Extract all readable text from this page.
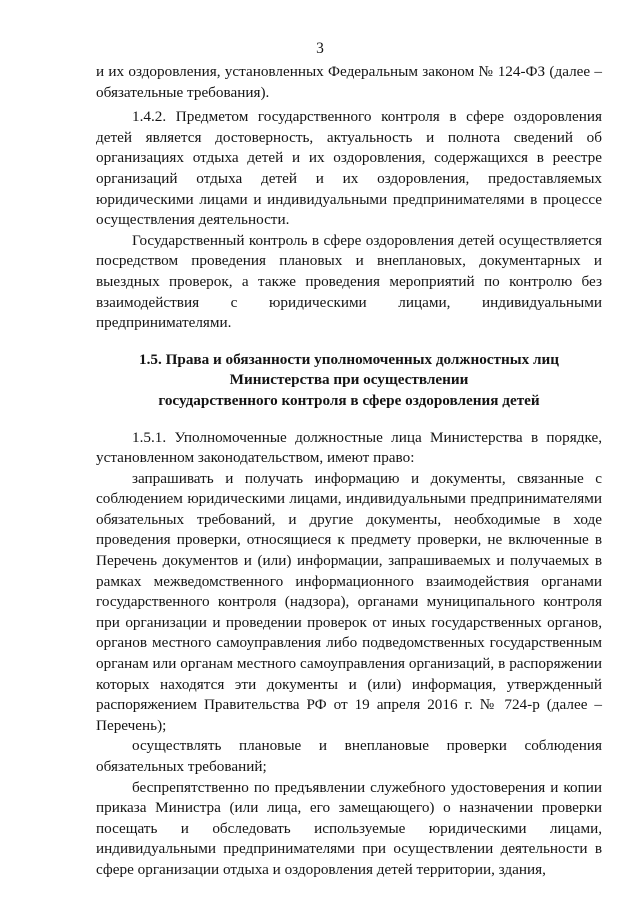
3

и их оздоровления, установленных Федеральным законом № 124-ФЗ (далее – обязательные требования).

1.4.2. Предметом государственного контроля в сфере оздоровления детей является достоверность, актуальность и полнота сведений об организациях отдыха детей и их оздоровления, содержащихся в реестре организаций отдыха детей и их оздоровления, предоставляемых юридическими лицами и индивидуальными предпринимателями в процессе осуществления деятельности.

Государственный контроль в сфере оздоровления детей осуществляется посредством проведения плановых и внеплановых, документарных и выездных проверок, а также проведения мероприятий по контролю без взаимодействия с юридическими лицами, индивидуальными предпринимателями.

1.5. Права и обязанности уполномоченных должностных лиц
Министерства при осуществлении
государственного контроля в сфере оздоровления детей

1.5.1. Уполномоченные должностные лица Министерства в порядке, установленном законодательством, имеют право:

запрашивать и получать информацию и документы, связанные с соблюдением юридическими лицами, индивидуальными предпринимателями обязательных требований, и другие документы, необходимые в ходе проведения проверки, относящиеся к предмету проверки, не включенные в Перечень документов и (или) информации, запрашиваемых и получаемых в рамках межведомственного информационного взаимодействия органами государственного контроля (надзора), органами муниципального контроля при организации и проведении проверок от иных государственных органов, органов местного самоуправления либо подведомственных государственным органам или органам местного самоуправления организаций, в распоряжении которых находятся эти документы и (или) информация, утвержденный распоряжением Правительства РФ от 19 апреля 2016 г. № 724-р (далее – Перечень);

осуществлять плановые и внеплановые проверки соблюдения обязательных требований;

беспрепятственно по предъявлении служебного удостоверения и копии приказа Министра (или лица, его замещающего) о назначении проверки посещать и обследовать используемые юридическими лицами, индивидуальными предпринимателями при осуществлении деятельности в сфере организации отдыха и оздоровления детей территории, здания,
